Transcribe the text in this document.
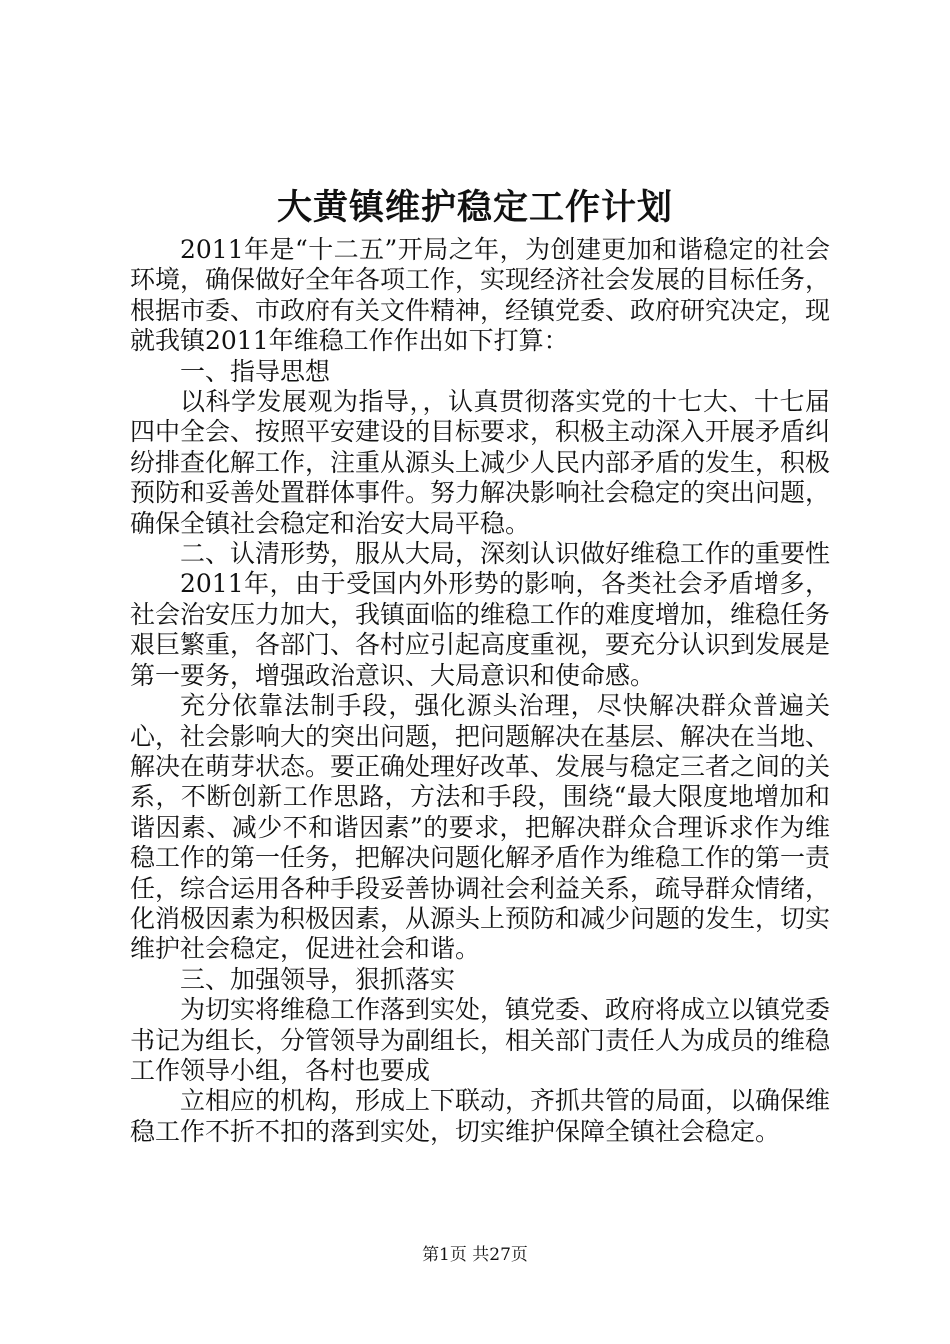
大黄镇维护稳定工作计划

2011年是“十二五”开局之年，为创建更加和谐稳定的社会环境，确保做好全年各项工作，实现经济社会发展的目标任务，根据市委、市政府有关文件精神，经镇党委、政府研究决定，现就我镇2011年维稳工作作出如下打算：

一、指导思想

以科学发展观为指导，，认真贯彻落实党的十七大、十七届四中全会、按照平安建设的目标要求，积极主动深入开展矛盾纠纷排查化解工作，注重从源头上减少人民内部矛盾的发生，积极预防和妥善处置群体事件。努力解决影响社会稳定的突出问题，确保全镇社会稳定和治安大局平稳。

二、认清形势，服从大局，深刻认识做好维稳工作的重要性

2011年，由于受国内外形势的影响，各类社会矛盾增多，社会治安压力加大，我镇面临的维稳工作的难度增加，维稳任务艰巨繁重，各部门、各村应引起高度重视，要充分认识到发展是第一要务，增强政治意识、大局意识和使命感。

充分依靠法制手段，强化源头治理，尽快解决群众普遍关心，社会影响大的突出问题，把问题解决在基层、解决在当地、解决在萌芽状态。要正确处理好改革、发展与稳定三者之间的关系，不断创新工作思路，方法和手段，围绕“最大限度地增加和谐因素、减少不和谐因素”的要求，把解决群众合理诉求作为维稳工作的第一任务，把解决问题化解矛盾作为维稳工作的第一责任，综合运用各种手段妥善协调社会利益关系，疏导群众情绪，化消极因素为积极因素，从源头上预防和减少问题的发生，切实维护社会稳定，促进社会和谐。

三、加强领导，狠抓落实

为切实将维稳工作落到实处，镇党委、政府将成立以镇党委书记为组长，分管领导为副组长，相关部门责任人为成员的维稳工作领导小组，各村也要成

立相应的机构，形成上下联动，齐抓共管的局面，以确保维稳工作不折不扣的落到实处，切实维护保障全镇社会稳定。

第1页 共27页
